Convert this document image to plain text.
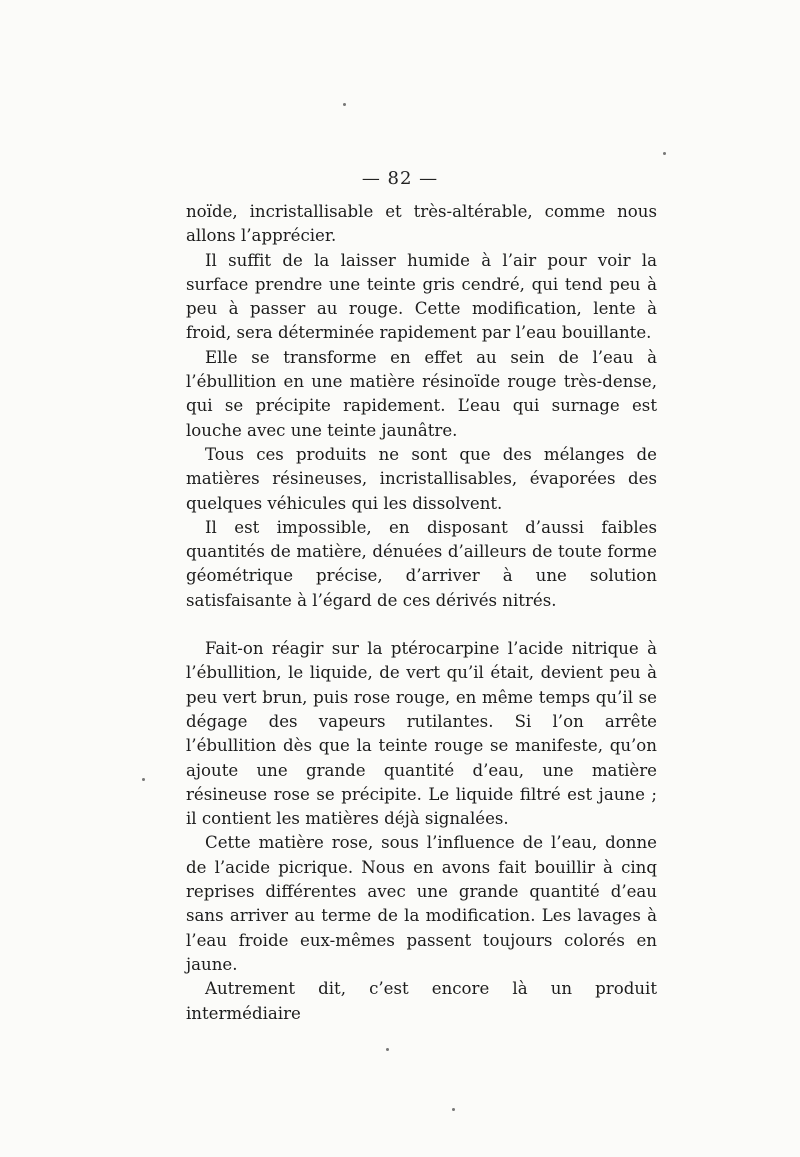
— 82 —

noïde, incristallisable et très-altérable, comme nous allons l’apprécier.

Il suffit de la laisser humide à l’air pour voir la surface prendre une teinte gris cendré, qui tend peu à peu à passer au rouge. Cette modification, lente à froid, sera déterminée rapidement par l’eau bouillante.

Elle se transforme en effet au sein de l’eau à l’ébullition en une matière résinoïde rouge très-dense, qui se précipite rapidement. L’eau qui surnage est louche avec une teinte jaunâtre.

Tous ces produits ne sont que des mélanges de matières résineuses, incristallisables, évaporées des quelques véhicules qui les dissolvent.

Il est impossible, en disposant d’aussi faibles quantités de matière, dénuées d’ailleurs de toute forme géométrique précise, d’arriver à une solution satisfaisante à l’égard de ces dérivés nitrés.

Fait-on réagir sur la ptérocarpine l’acide nitrique à l’ébullition, le liquide, de vert qu’il était, devient peu à peu vert brun, puis rose rouge, en même temps qu’il se dégage des vapeurs rutilantes. Si l’on arrête l’ébullition dès que la teinte rouge se manifeste, qu’on ajoute une grande quantité d’eau, une matière résineuse rose se précipite. Le liquide filtré est jaune ; il contient les matières déjà signalées.

Cette matière rose, sous l’influence de l’eau, donne de l’acide picrique. Nous en avons fait bouillir à cinq reprises différentes avec une grande quantité d’eau sans arriver au terme de la modification. Les lavages à l’eau froide eux-mêmes passent toujours colorés en jaune.

Autrement dit, c’est encore là un produit intermédiaire
